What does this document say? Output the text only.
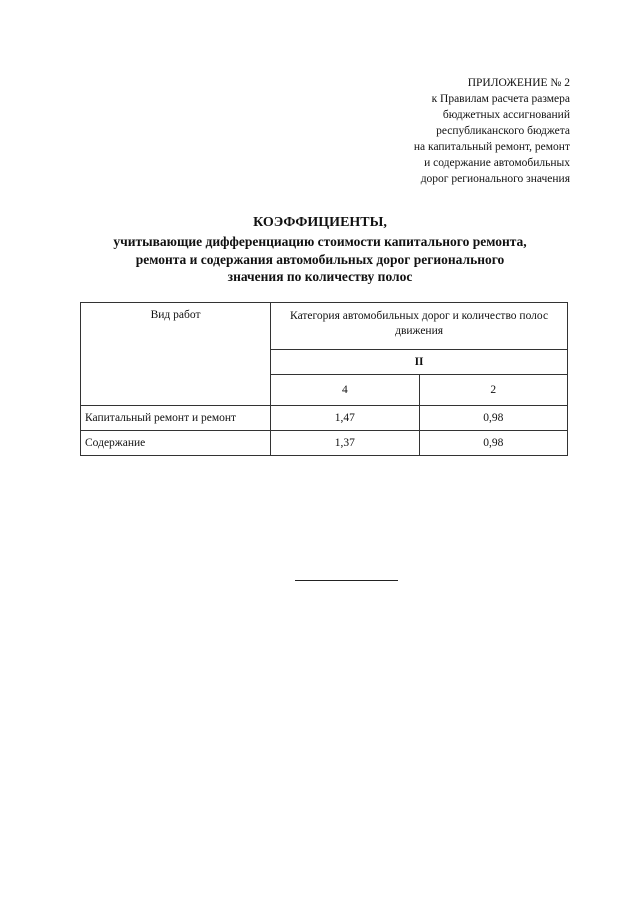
ПРИЛОЖЕНИЕ № 2
к Правилам расчета размера
бюджетных ассигнований
республиканского бюджета
на капитальный ремонт, ремонт
и содержание автомобильных
дорог регионального значения
КОЭФФИЦИЕНТЫ,
учитывающие дифференциацию стоимости капитального ремонта,
ремонта и содержания автомобильных дорог регионального
значения по количеству полос
Вид работ	Категория автомобильных дорог и количество полос движения	
	II	
	4	2
Капитальный ремонт и ремонт	1,47	0,98
Содержание	1,37	0,98
